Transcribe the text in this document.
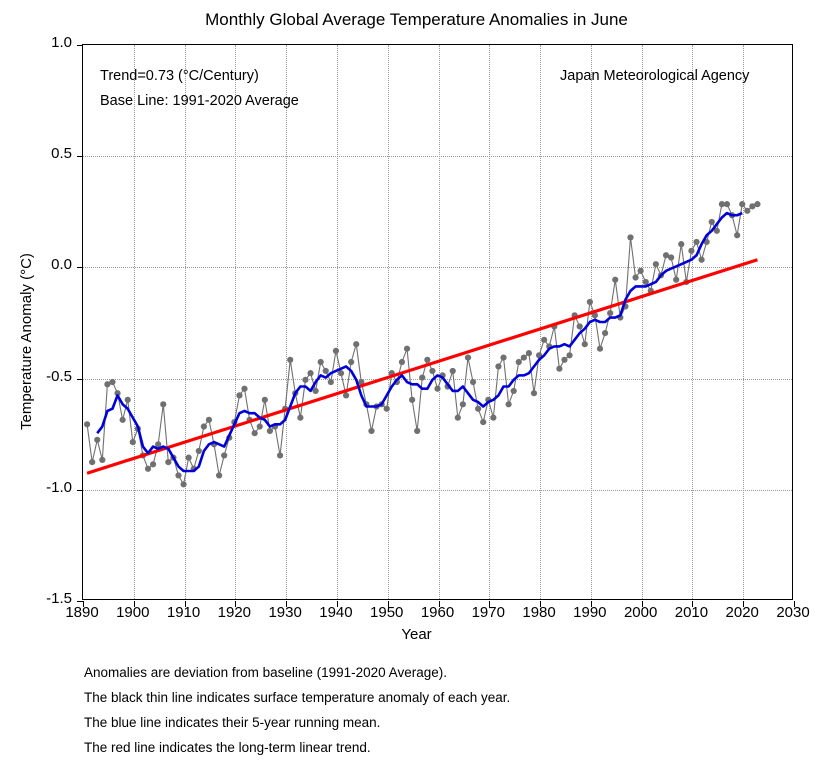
Monthly Global Average Temperature Anomalies in June
Trend=0.73 (°C/Century)
Base Line: 1991-2020 Average
Japan Meteorological Agency
Year
Temperature Anomaly (°C)
Anomalies are deviation from baseline (1991-2020 Average).
The black thin line indicates surface temperature anomaly of each year.
The blue line indicates their 5-year running mean.
The red line indicates the long-term linear trend.
-1.5
-1.0
-0.5
0.0
0.5
1.0
1890	1900	1910	1920	1930	1940	1950	1960	1970	1980	1990	2000	2010	2020	2030
